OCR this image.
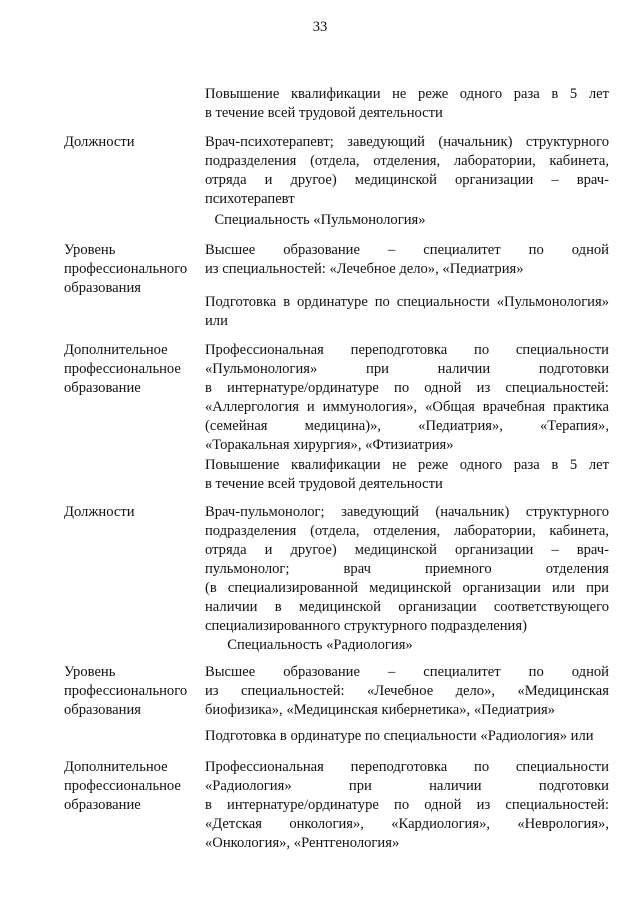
33
Повышение квалификации не реже одного раза в 5 лет
в течение всей трудовой деятельности
Должности	Врач-психотерапевт; заведующий (начальник) структурного
подразделения (отдела, отделения, лаборатории, кабинета,
отряда и другое) медицинской организации – врач-
психотерапевт
Специальность «Пульмонология»
Уровень
профессионального
образования
Высшее образование – специалитет по одной
из специальностей: «Лечебное дело», «Педиатрия»
Подготовка в ординатуре по специальности «Пульмонология»
или
Дополнительное
профессиональное
образование
Профессиональная переподготовка по специальности
«Пульмонология» при наличии подготовки
в интернатуре/ординатуре по одной из специальностей:
«Аллергология и иммунология», «Общая врачебная практика
(семейная медицина)», «Педиатрия», «Терапия»,
«Торакальная хирургия», «Фтизиатрия»
Повышение квалификации не реже одного раза в 5 лет
в течение всей трудовой деятельности
Должности	Врач-пульмонолог; заведующий (начальник) структурного
подразделения (отдела, отделения, лаборатории, кабинета,
отряда и другое) медицинской организации – врач-
пульмонолог; врач приемного отделения
(в специализированной медицинской организации или при
наличии в медицинской организации соответствующего
специализированного структурного подразделения)
Специальность «Радиология»
Уровень
профессионального
образования
Высшее образование – специалитет по одной
из специальностей: «Лечебное дело», «Медицинская
биофизика», «Медицинская кибернетика», «Педиатрия»
Подготовка в ординатуре по специальности «Радиология» или
Дополнительное
профессиональное
образование
Профессиональная переподготовка по специальности
«Радиология» при наличии подготовки
в интернатуре/ординатуре по одной из специальностей:
«Детская онкология», «Кардиология», «Неврология»,
«Онкология», «Рентгенология»
